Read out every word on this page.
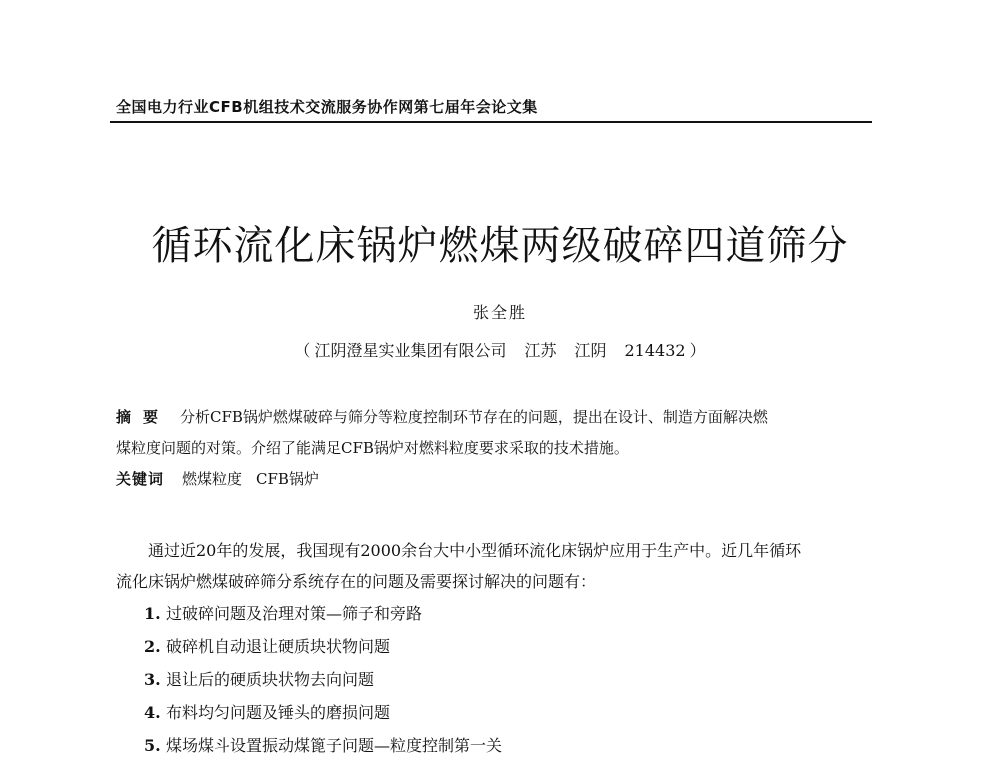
全国电力行业CFB机组技术交流服务协作网第七届年会论文集
循环流化床锅炉燃煤两级破碎四道筛分
张全胜
（ 江阴澄星实业集团有限公司 江苏 江阴 214432 ）

摘要 分析CFB锅炉燃煤破碎与筛分等粒度控制环节存在的问题，提出在设计、制造方面解决燃

煤粒度问题的对策。介绍了能满足CFB锅炉对燃料粒度要求采取的技术措施。

关键词 燃煤粒度 CFB锅炉

通过近20年的发展，我国现有2000余台大中小型循环流化床锅炉应用于生产中。近几年循环

流化床锅炉燃煤破碎筛分系统存在的问题及需要探讨解决的问题有：

1. 过破碎问题及治理对策—筛子和旁路
2. 破碎机自动退让硬质块状物问题
3. 退让后的硬质块状物去向问题
4. 布料均匀问题及锤头的磨损问题
5. 煤场煤斗设置振动煤篦子问题—粒度控制第一关
